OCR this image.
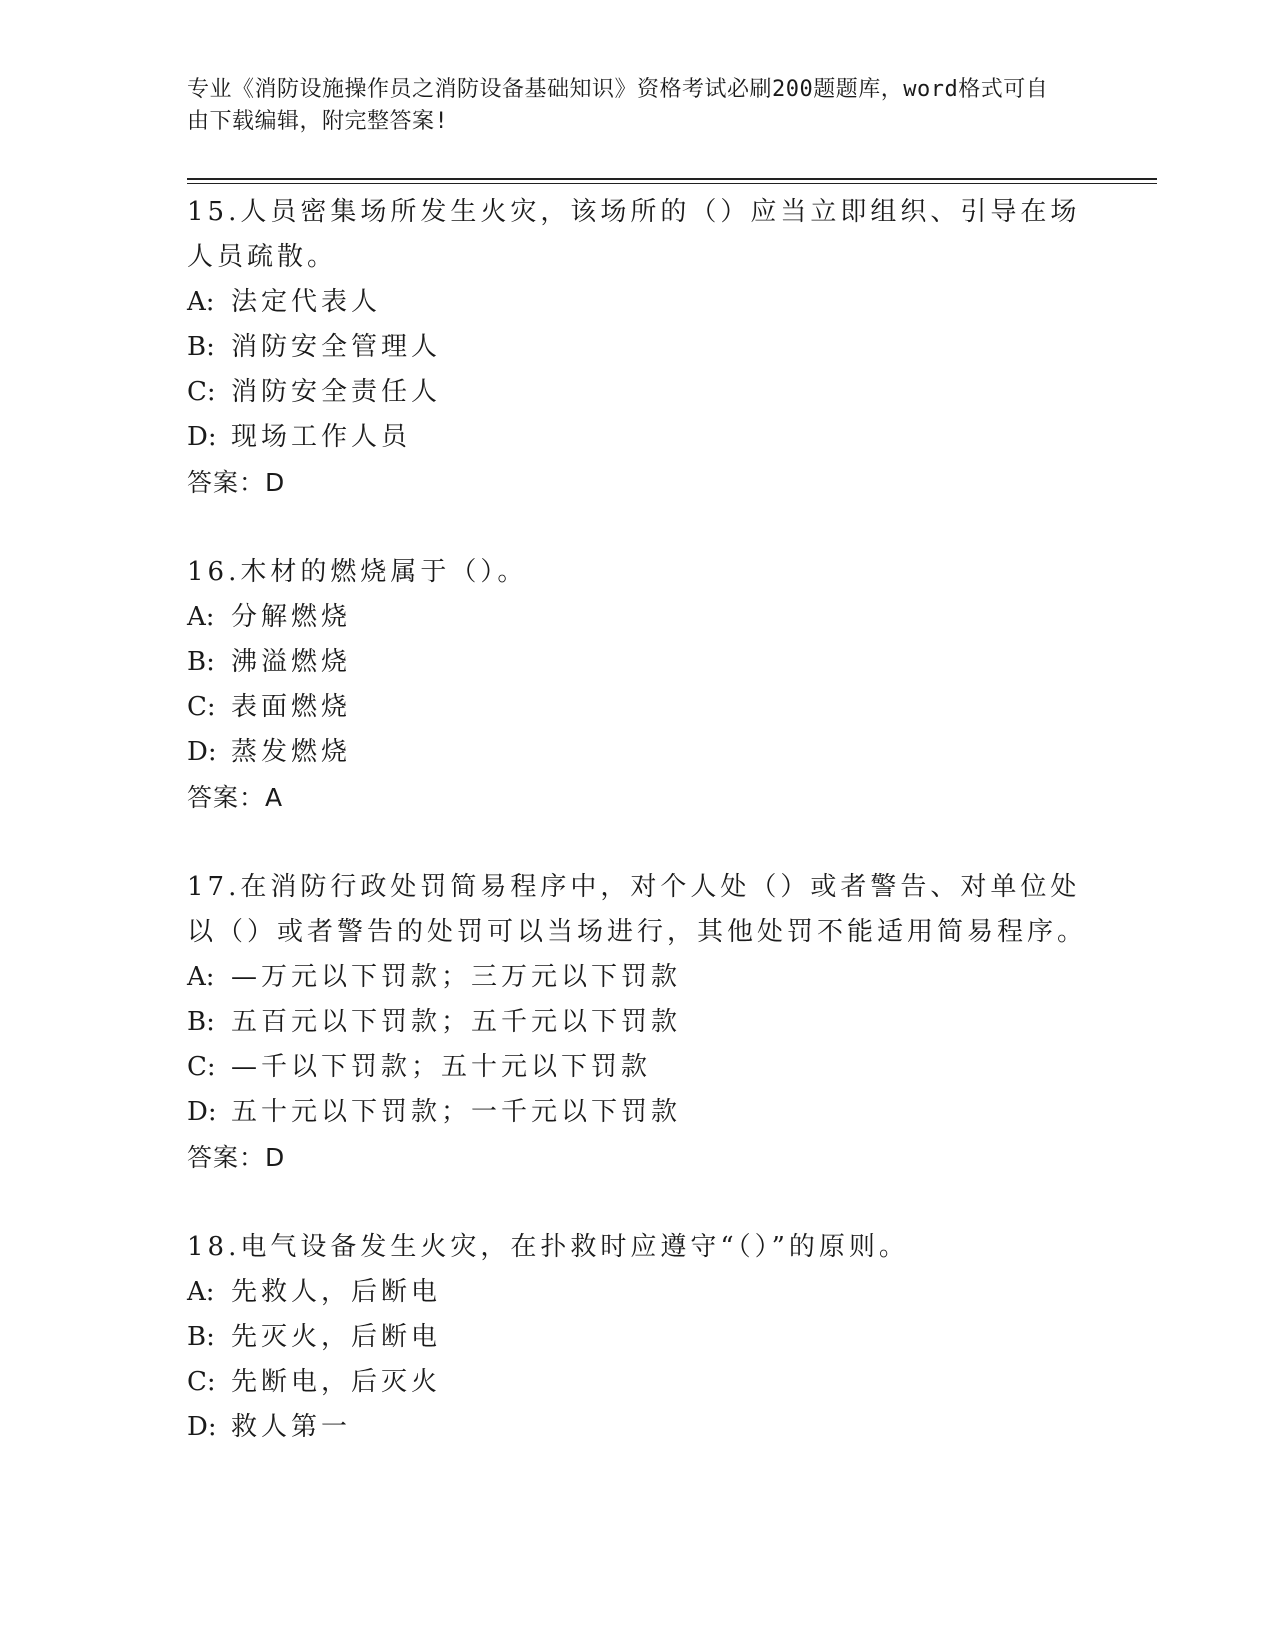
专业《消防设施操作员之消防设备基础知识》资格考试必刷200题题库，word格式可自由下载编辑，附完整答案!

15.人员密集场所发生火灾，该场所的（）应当立即组织、引导在场人员疏散。

A: 法定代表人

B: 消防安全管理人

C: 消防安全责任人

D: 现场工作人员

答案：D

16.木材的燃烧属于（）。

A: 分解燃烧

B: 沸溢燃烧

C: 表面燃烧

D: 蒸发燃烧

答案：A

17.在消防行政处罚简易程序中，对个人处（）或者警告、对单位处以（）或者警告的处罚可以当场进行，其他处罚不能适用简易程序。

A: —万元以下罚款；三万元以下罚款

B: 五百元以下罚款；五千元以下罚款

C: —千以下罚款；五十元以下罚款

D: 五十元以下罚款；一千元以下罚款

答案：D

18.电气设备发生火灾，在扑救时应遵守“（）”的原则。

A: 先救人，后断电

B: 先灭火，后断电

C: 先断电，后灭火

D: 救人第一
